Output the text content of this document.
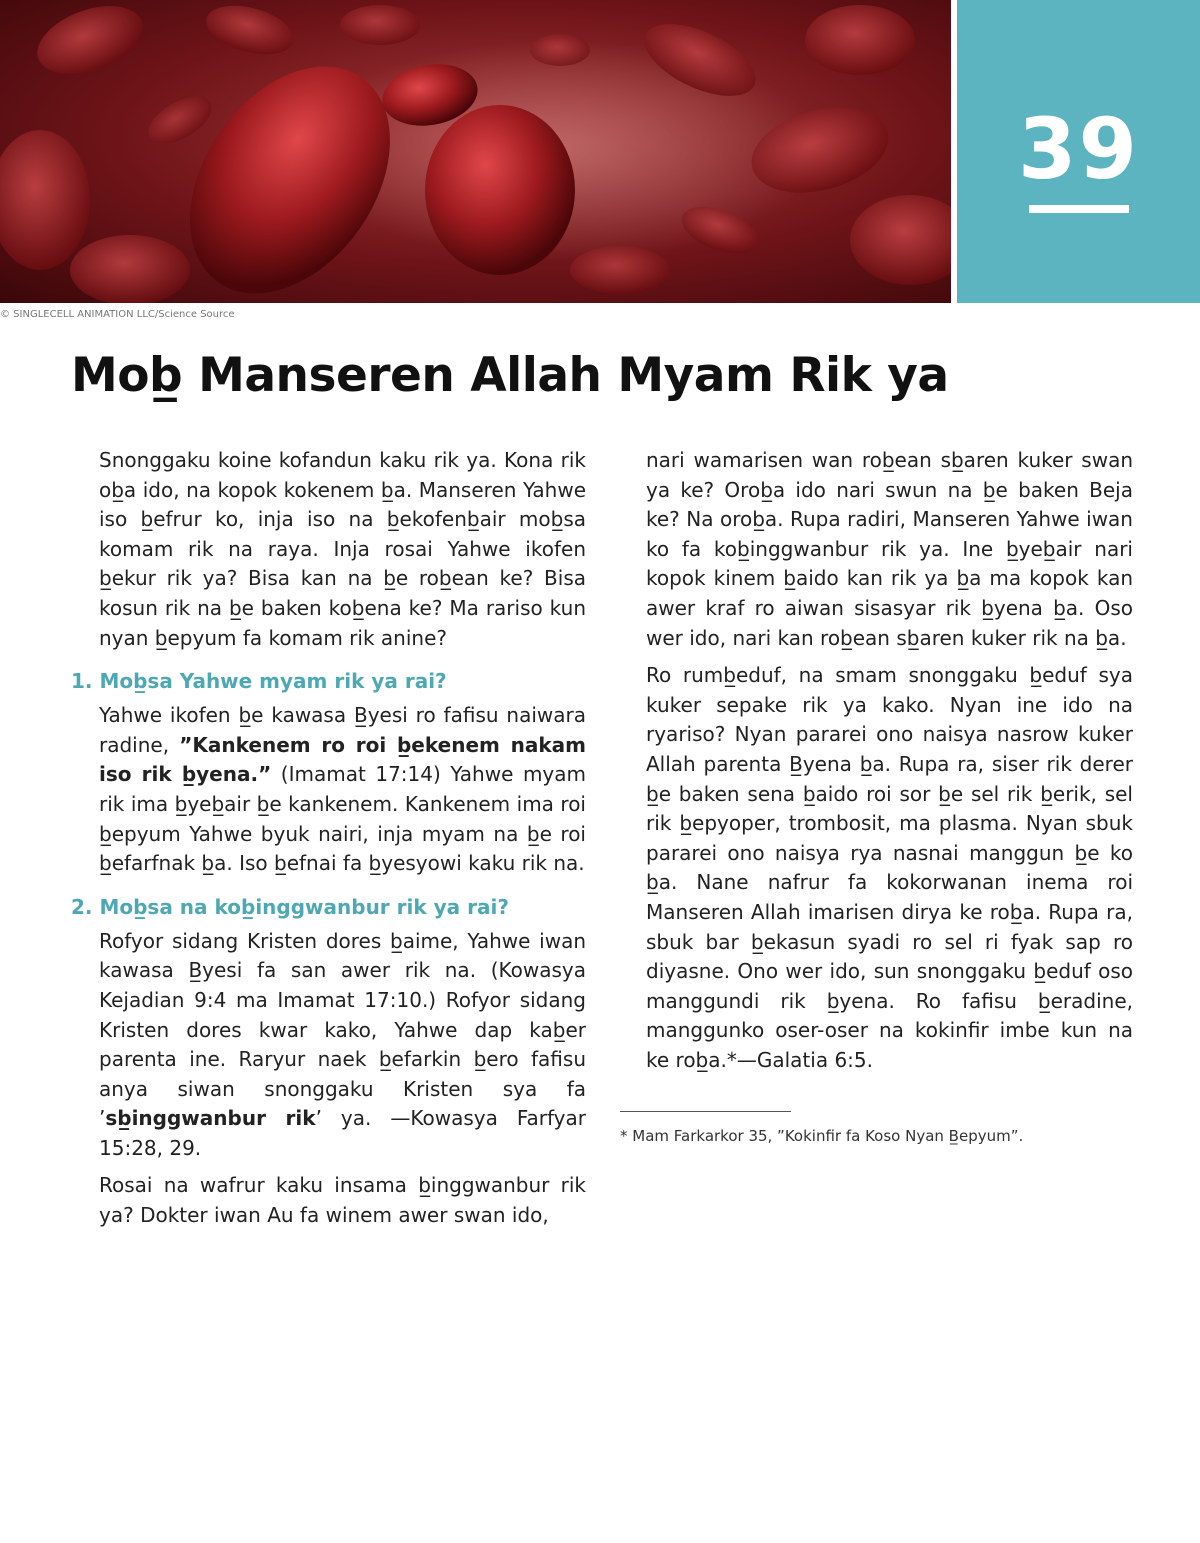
39
© SINGLECELL ANIMATION LLC/Science Source
Mob̲ Manseren Allah Myam Rik ya

Snonggaku koine kofandun kaku rik ya. Kona rik ob̲a ido, na kopok kokenem b̲a. Manseren Yahwe iso b̲efrur ko, inja iso na b̲ekofenb̲air mob̲sa komam rik na raya. Inja rosai Yahwe ikofen b̲ekur rik ya? Bisa kan na b̲e rob̲ean ke? Bisa kosun rik na b̲e baken kob̲ena ke? Ma rariso kun nyan b̲epyum fa komam rik anine?

1. Mob̲sa Yahwe myam rik ya rai?

Yahwe ikofen b̲e kawasa B̲yesi ro fafisu naiwara radine, ”Kankenem ro roi b̲ekenem nakam iso rik b̲yena.” (Imamat 17:14) Yahwe myam rik ima b̲yeb̲air b̲e kankenem. Kankenem ima roi b̲epyum Yahwe byuk nairi, inja myam na b̲e roi b̲efarfnak b̲a. Iso b̲efnai fa b̲yesyowi kaku rik na.

2. Mob̲sa na kob̲inggwanbur rik ya rai?

Rofyor sidang Kristen dores b̲aime, Yahwe iwan kawasa B̲yesi fa san awer rik na. (Kowasya Kejadian 9:4 ma Imamat 17:10.) Rofyor sidang Kristen dores kwar kako, Yahwe dap kab̲er parenta ine. Raryur naek b̲efarkin b̲ero fafisu anya siwan snonggaku Kristen sya fa ’sb̲inggwanbur rik’ ya. —Kowasya Farfyar 15:28, 29.

Rosai na wafrur kaku insama b̲inggwanbur rik ya? Dokter iwan Au fa winem awer swan ido,

nari wamarisen wan rob̲ean sb̲aren kuker swan ya ke? Orob̲a ido nari swun na b̲e baken Beja ke? Na orob̲a. Rupa radiri, Manseren Yahwe iwan ko fa kob̲inggwanbur rik ya. Ine b̲yeb̲air nari kopok kinem b̲aido kan rik ya b̲a ma kopok kan awer kraf ro aiwan sisasyar rik b̲yena b̲a. Oso wer ido, nari kan rob̲ean sb̲aren kuker rik na b̲a.

Ro rumb̲eduf, na smam snonggaku b̲eduf sya kuker sepake rik ya kako. Nyan ine ido na ryariso? Nyan pararei ono naisya nasrow kuker Allah parenta B̲yena b̲a. Rupa ra, siser rik derer b̲e baken sena b̲aido roi sor b̲e sel rik b̲erik, sel rik b̲epyoper, trombosit, ma plasma. Nyan sbuk pararei ono naisya rya nasnai manggun b̲e ko b̲a. Nane nafrur fa kokorwanan inema roi Manseren Allah imarisen dirya ke rob̲a. Rupa ra, sbuk bar b̲ekasun syadi ro sel ri fyak sap ro diyasne. Ono wer ido, sun snonggaku b̲eduf oso manggundi rik b̲yena. Ro fafisu b̲eradine, manggunko oser-oser na kokinfir imbe kun na ke rob̲a.*—Galatia 6:5.

* Mam Farkarkor 35, ”Kokinfir fa Koso Nyan B̲epyum”.
